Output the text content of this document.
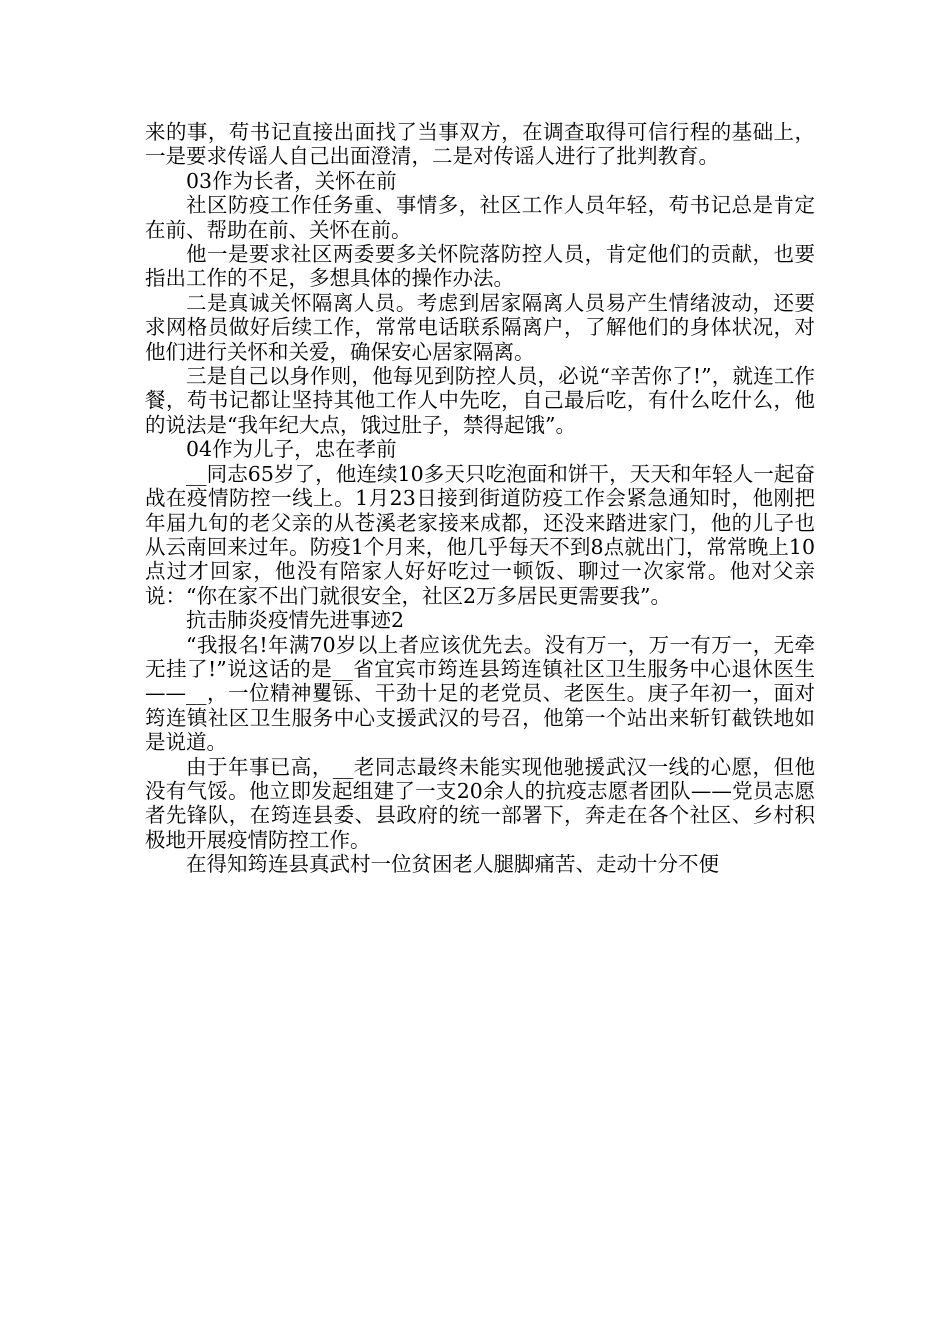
来的事，苟书记直接出面找了当事双方，在调查取得可信行程的基础上，一是要求传谣人自己出面澄清，二是对传谣人进行了批判教育。

03作为长者，关怀在前

社区防疫工作任务重、事情多，社区工作人员年轻，苟书记总是肯定在前、帮助在前、关怀在前。

他一是要求社区两委要多关怀院落防控人员，肯定他们的贡献，也要指出工作的不足，多想具体的操作办法。

二是真诚关怀隔离人员。考虑到居家隔离人员易产生情绪波动，还要求网格员做好后续工作，常常电话联系隔离户，了解他们的身体状况，对他们进行关怀和关爱，确保安心居家隔离。

三是自己以身作则，他每见到防控人员，必说“辛苦你了!”，就连工作餐，苟书记都让坚持其他工作人中先吃，自己最后吃，有什么吃什么，他的说法是“我年纪大点，饿过肚子，禁得起饿”。

04作为儿子，忠在孝前

__同志65岁了，他连续10多天只吃泡面和饼干，天天和年轻人一起奋战在疫情防控一线上。1月23日接到街道防疫工作会紧急通知时，他刚把年届九旬的老父亲的从苍溪老家接来成都，还没来踏进家门，他的儿子也从云南回来过年。防疫1个月来，他几乎每天不到8点就出门，常常晚上10点过才回家，他没有陪家人好好吃过一顿饭、聊过一次家常。他对父亲说：“你在家不出门就很安全，社区2万多居民更需要我”。

抗击肺炎疫情先进事迹2

“我报名!年满70岁以上者应该优先去。没有万一，万一有万一，无牵无挂了!”说这话的是__省宜宾市筠连县筠连镇社区卫生服务中心退休医生——__，一位精神矍铄、干劲十足的老党员、老医生。庚子年初一，面对筠连镇社区卫生服务中心支援武汉的号召，他第一个站出来斩钉截铁地如是说道。

由于年事已高，__老同志最终未能实现他驰援武汉一线的心愿，但他没有气馁。他立即发起组建了一支20余人的抗疫志愿者团队——党员志愿者先锋队，在筠连县委、县政府的统一部署下，奔走在各个社区、乡村积极地开展疫情防控工作。

在得知筠连县真武村一位贫困老人腿脚痛苦、走动十分不便
